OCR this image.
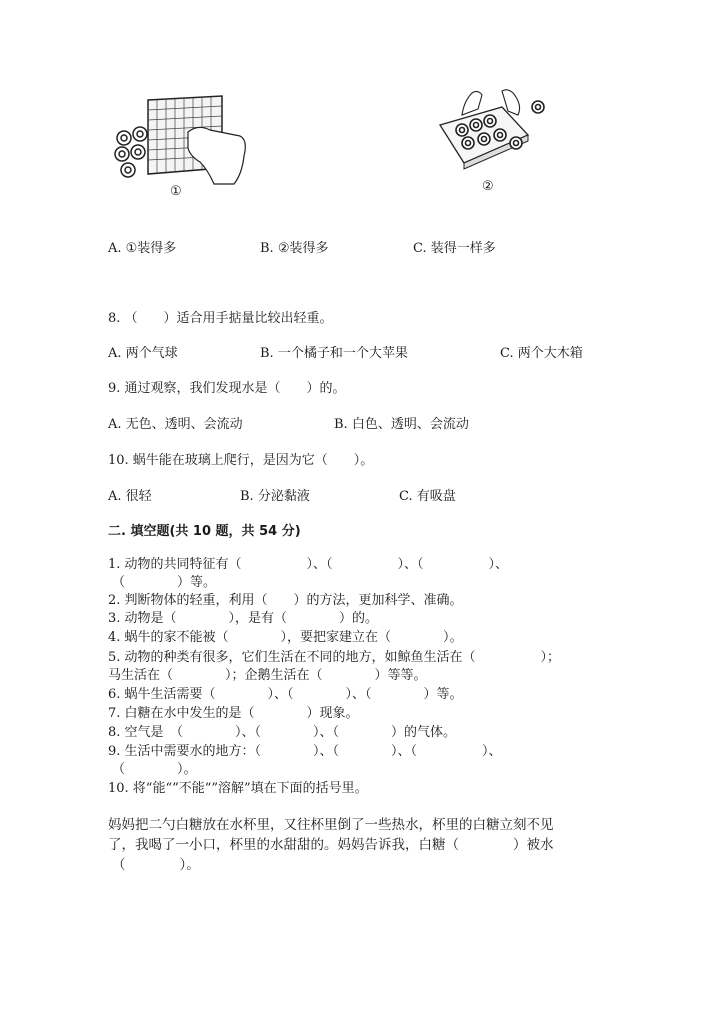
①	②
A. ①装得多	B. ②装得多	C. 装得一样多
8. （　　）适合用手掂量比较出轻重。
A. 两个气球	B. 一个橘子和一个大苹果	C. 两个大木箱
9. 通过观察，我们发现水是（　　）的。
A. 无色、透明、会流动	B. 白色、透明、会流动
10. 蜗牛能在玻璃上爬行，是因为它（　　）。
A. 很轻	B. 分泌黏液	C. 有吸盘
二. 填空题(共 10 题，共 54 分)
1. 动物的共同特征有（　　　　　）、（　　　　　）、（　　　　　）、
（　　　　）等。
2. 判断物体的轻重，利用（　　）的方法，更加科学、准确。
3. 动物是（　　　　），是有（　　　　）的。
4. 蜗牛的家不能被（　　　　），要把家建立在（　　　　）。
5. 动物的种类有很多，它们生活在不同的地方，如鲸鱼生活在（　　　　　）；
马生活在（　　　　）；企鹅生活在（　　　　）等等。
6. 蜗牛生活需要（　　　　）、（　　　　）、（　　　　）等。
7. 白糖在水中发生的是（　　　　）现象。
8. 空气是　（　　　　）、（　　　　）、（　　　　）的气体。
9. 生活中需要水的地方：（　　　　）、（　　　　）、（　　　　　）、
（　　　　）。
10. 将“能“”不能“”溶解”填在下面的括号里。
妈妈把二勺白糖放在水杯里，又往杯里倒了一些热水，杯里的白糖立刻不见
了，我喝了一小口，杯里的水甜甜的。妈妈告诉我，白糖（　　　　）被水
（　　　　）。
